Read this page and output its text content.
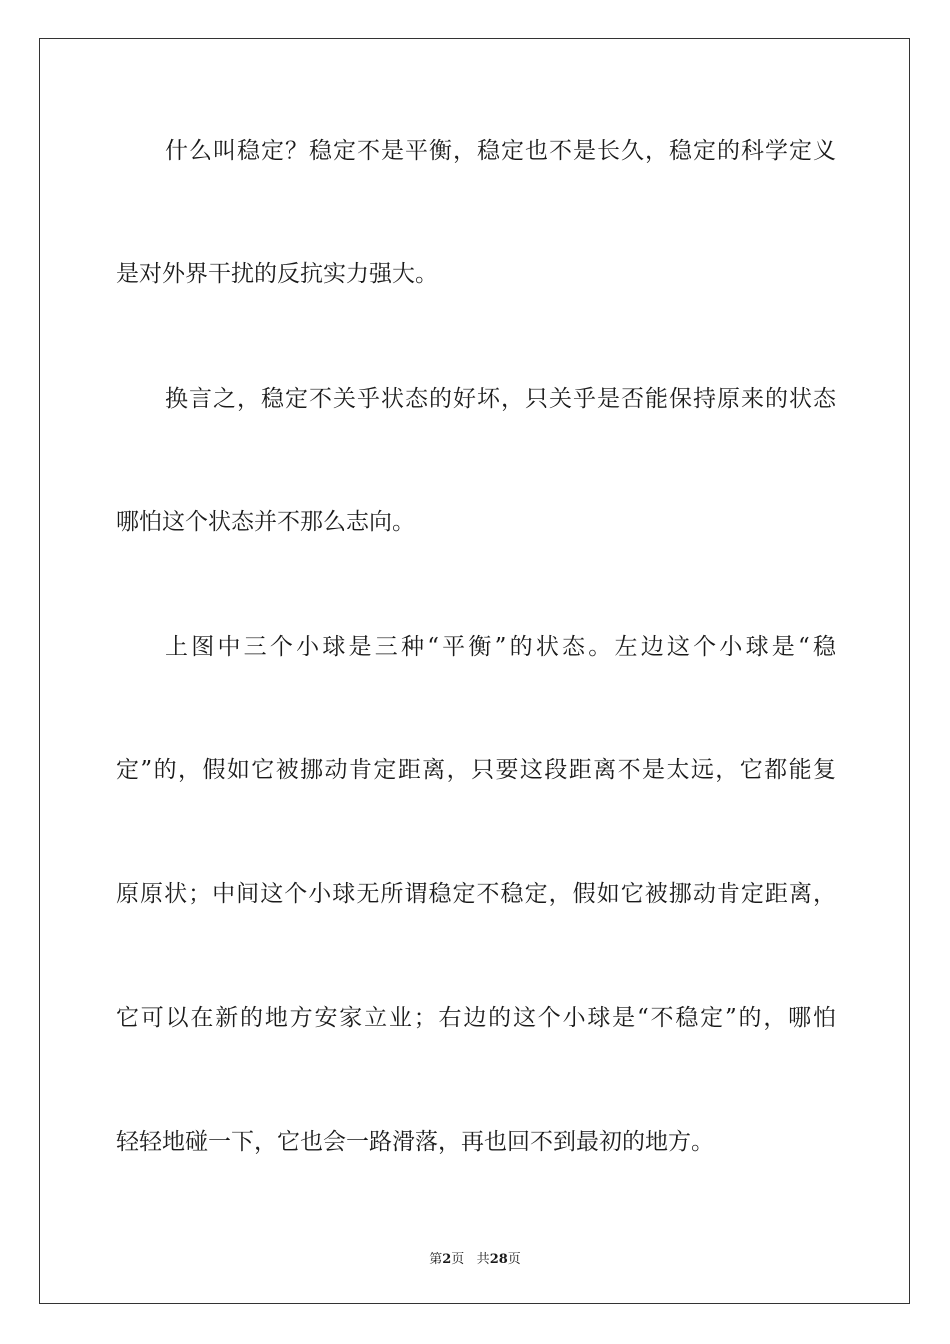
什么叫稳定？稳定不是平衡，稳定也不是长久，稳定的科学定义
是对外界干扰的反抗实力强大。
换言之，稳定不关乎状态的好坏，只关乎是否能保持原来的状态
哪怕这个状态并不那么志向。
上图中三个小球是三种“平衡”的状态。左边这个小球是“稳
定”的，假如它被挪动肯定距离，只要这段距离不是太远，它都能复
原原状；中间这个小球无所谓稳定不稳定，假如它被挪动肯定距离，
它可以在新的地方安家立业；右边的这个小球是“不稳定”的，哪怕
轻轻地碰一下，它也会一路滑落，再也回不到最初的地方。
第2页 共28页
